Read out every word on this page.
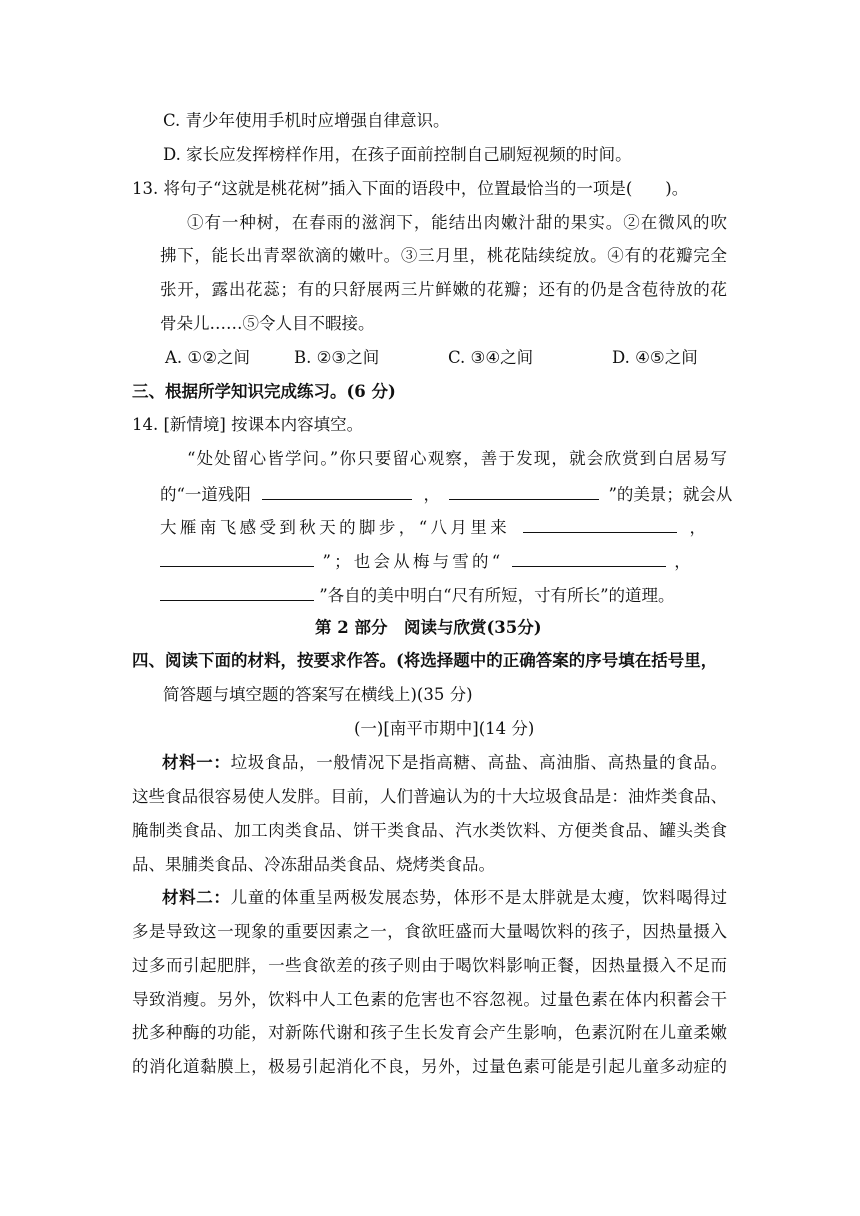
C. 青少年使用手机时应增强自律意识。
D. 家长应发挥榜样作用，在孩子面前控制自己刷短视频的时间。
13. 将句子“这就是桃花树”插入下面的语段中，位置最恰当的一项是(　　)。
①有一种树，在春雨的滋润下，能结出肉嫩汁甜的果实。②在微风的吹
拂下，能长出青翠欲滴的嫩叶。③三月里，桃花陆续绽放。④有的花瓣完全
张开，露出花蕊；有的只舒展两三片鲜嫩的花瓣；还有的仍是含苞待放的花
骨朵儿……⑤令人目不暇接。
A. ①②之间	B. ②③之间	C. ③④之间	D. ④⑤之间
三、根据所学知识完成练习。(6 分)
14. [新情境] 按课本内容填空。
“处处留心皆学问。”你只要留心观察，善于发现，就会欣赏到白居易写
的“一道残阳	，	”的美景；就会从
大雁南飞感受到秋天的脚步，“八月里来	，
”；也会从梅与雪的“	，
”各自的美中明白“尺有所短，寸有所长”的道理。
第 2 部分　阅读与欣赏(35分)
四、阅读下面的材料，按要求作答。(将选择题中的正确答案的序号填在括号里，
简答题与填空题的答案写在横线上)(35 分)
(一)[南平市期中](14 分)
材料一：垃圾食品，一般情况下是指高糖、高盐、高油脂、高热量的食品。
这些食品很容易使人发胖。目前，人们普遍认为的十大垃圾食品是：油炸类食品、
腌制类食品、加工肉类食品、饼干类食品、汽水类饮料、方便类食品、罐头类食
品、果脯类食品、冷冻甜品类食品、烧烤类食品。
材料二：儿童的体重呈两极发展态势，体形不是太胖就是太瘦，饮料喝得过
多是导致这一现象的重要因素之一，食欲旺盛而大量喝饮料的孩子，因热量摄入
过多而引起肥胖，一些食欲差的孩子则由于喝饮料影响正餐，因热量摄入不足而
导致消瘦。另外，饮料中人工色素的危害也不容忽视。过量色素在体内积蓄会干
扰多种酶的功能，对新陈代谢和孩子生长发育会产生影响，色素沉附在儿童柔嫩
的消化道黏膜上，极易引起消化不良，另外，过量色素可能是引起儿童多动症的
